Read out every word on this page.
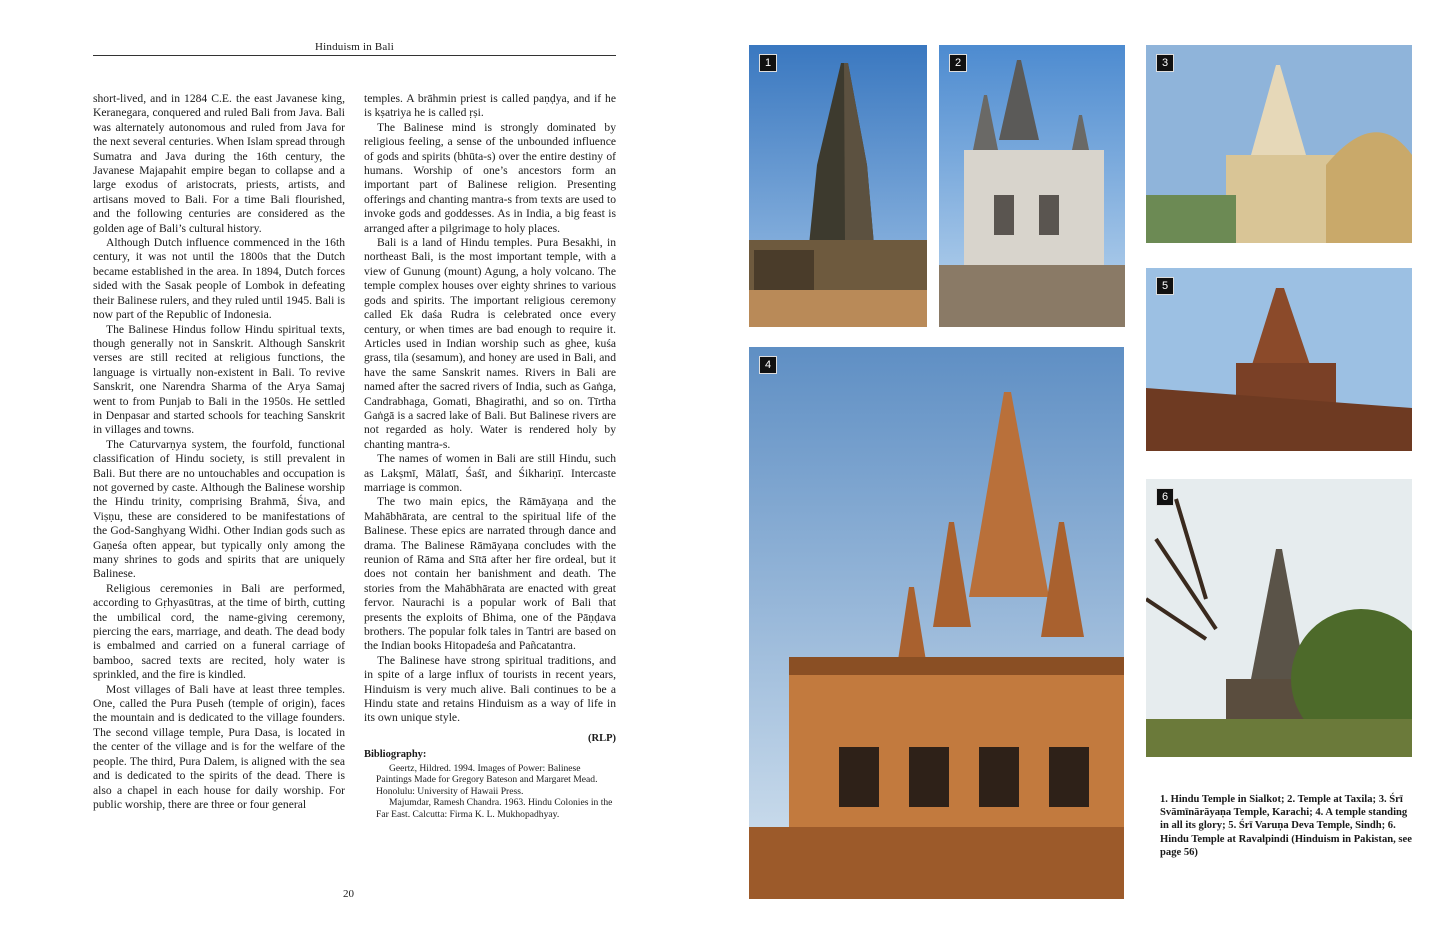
Hinduism in Bali

short-lived, and in 1284 C.E. the east Javanese king, Keranegara, conquered and ruled Bali from Java. Bali was alternately autonomous and ruled from Java for the next several centuries. When Islam spread through Sumatra and Java during the 16th century, the Javanese Majapahit empire began to collapse and a large exodus of aristocrats, priests, artists, and artisans moved to Bali. For a time Bali flourished, and the following centuries are considered as the golden age of Bali’s cultural history.

Although Dutch influence commenced in the 16th century, it was not until the 1800s that the Dutch became established in the area. In 1894, Dutch forces sided with the Sasak people of Lombok in defeating their Balinese rulers, and they ruled until 1945. Bali is now part of the Republic of Indonesia.

The Balinese Hindus follow Hindu spiritual texts, though generally not in Sanskrit. Although Sanskrit verses are still recited at religious functions, the language is virtually non-existent in Bali. To revive Sanskrit, one Narendra Sharma of the Arya Samaj went to from Punjab to Bali in the 1950s. He settled in Denpasar and started schools for teaching Sanskrit in villages and towns.

The Caturvarṇya system, the fourfold, functional classification of Hindu society, is still prevalent in Bali. But there are no untouchables and occupation is not governed by caste. Although the Balinese worship the Hindu trinity, comprising Brahmā, Śiva, and Viṣṇu, these are considered to be manifestations of the God-Sanghyang Widhi. Other Indian gods such as Gaṇeśa often appear, but typically only among the many shrines to gods and spirits that are uniquely Balinese.

Religious ceremonies in Bali are performed, according to Gṛhyasūtras, at the time of birth, cutting the umbilical cord, the name-giving ceremony, piercing the ears, marriage, and death. The dead body is embalmed and carried on a funeral carriage of bamboo, sacred texts are recited, holy water is sprinkled, and the fire is kindled.

Most villages of Bali have at least three temples. One, called the Pura Puseh (temple of origin), faces the mountain and is dedicated to the village founders. The second village temple, Pura Dasa, is located in the center of the village and is for the welfare of the people. The third, Pura Dalem, is aligned with the sea and is dedicated to the spirits of the dead. There is also a chapel in each house for daily worship. For public worship, there are three or four general

temples. A brāhmin priest is called paṇḍya, and if he is kṣatriya he is called ṛṣi.

The Balinese mind is strongly dominated by religious feeling, a sense of the unbounded influence of gods and spirits (bhūta-s) over the entire destiny of humans. Worship of one’s ancestors form an important part of Balinese religion. Presenting offerings and chanting mantra-s from texts are used to invoke gods and goddesses. As in India, a big feast is arranged after a pilgrimage to holy places.

Bali is a land of Hindu temples. Pura Besakhi, in northeast Bali, is the most important temple, with a view of Gunung (mount) Agung, a holy volcano. The temple complex houses over eighty shrines to various gods and spirits. The important religious ceremony called Ek daśa Rudra is celebrated once every century, or when times are bad enough to require it. Articles used in Indian worship such as ghee, kuśa grass, tila (sesamum), and honey are used in Bali, and have the same Sanskrit names. Rivers in Bali are named after the sacred rivers of India, such as Gaṅga, Candrabhaga, Gomati, Bhagirathi, and so on. Tīrtha Gaṅgā is a sacred lake of Bali. But Balinese rivers are not regarded as holy. Water is rendered holy by chanting mantra-s.

The names of women in Bali are still Hindu, such as Lakṣmī, Mālatī, Śaśī, and Śikhariṇī. Intercaste marriage is common.

The two main epics, the Rāmāyaṇa and the Mahābhārata, are central to the spiritual life of the Balinese. These epics are narrated through dance and drama. The Balinese Rāmāyaṇa concludes with the reunion of Rāma and Sītā after her fire ordeal, but it does not contain her banishment and death. The stories from the Mahābhārata are enacted with great fervor. Naurachi is a popular work of Bali that presents the exploits of Bhima, one of the Pāṇḍava brothers. The popular folk tales in Tantri are based on the Indian books Hitopadeśa and Pañcatantra.

The Balinese have strong spiritual traditions, and in spite of a large influx of tourists in recent years, Hinduism is very much alive. Bali continues to be a Hindu state and retains Hinduism as a way of life in its own unique style.

(RLP)
Bibliography:

Geertz, Hildred. 1994. Images of Power: Balinese Paintings Made for Gregory Bateson and Margaret Mead. Honolulu: University of Hawaii Press.

Majumdar, Ramesh Chandra. 1963. Hindu Colonies in the Far East. Calcutta: Firma K. L. Mukhopadhyay.

20
1	2	3
4
5
6
1. Hindu Temple in Sialkot; 2. Temple at Taxila; 3. Śrī Svāmīnārāyaṇa Temple, Karachi; 4. A temple standing in all its glory; 5. Śrī Varuṇa Deva Temple, Sindh; 6. Hindu Temple at Ravalpindi (Hinduism in Pakistan, see page 56)
